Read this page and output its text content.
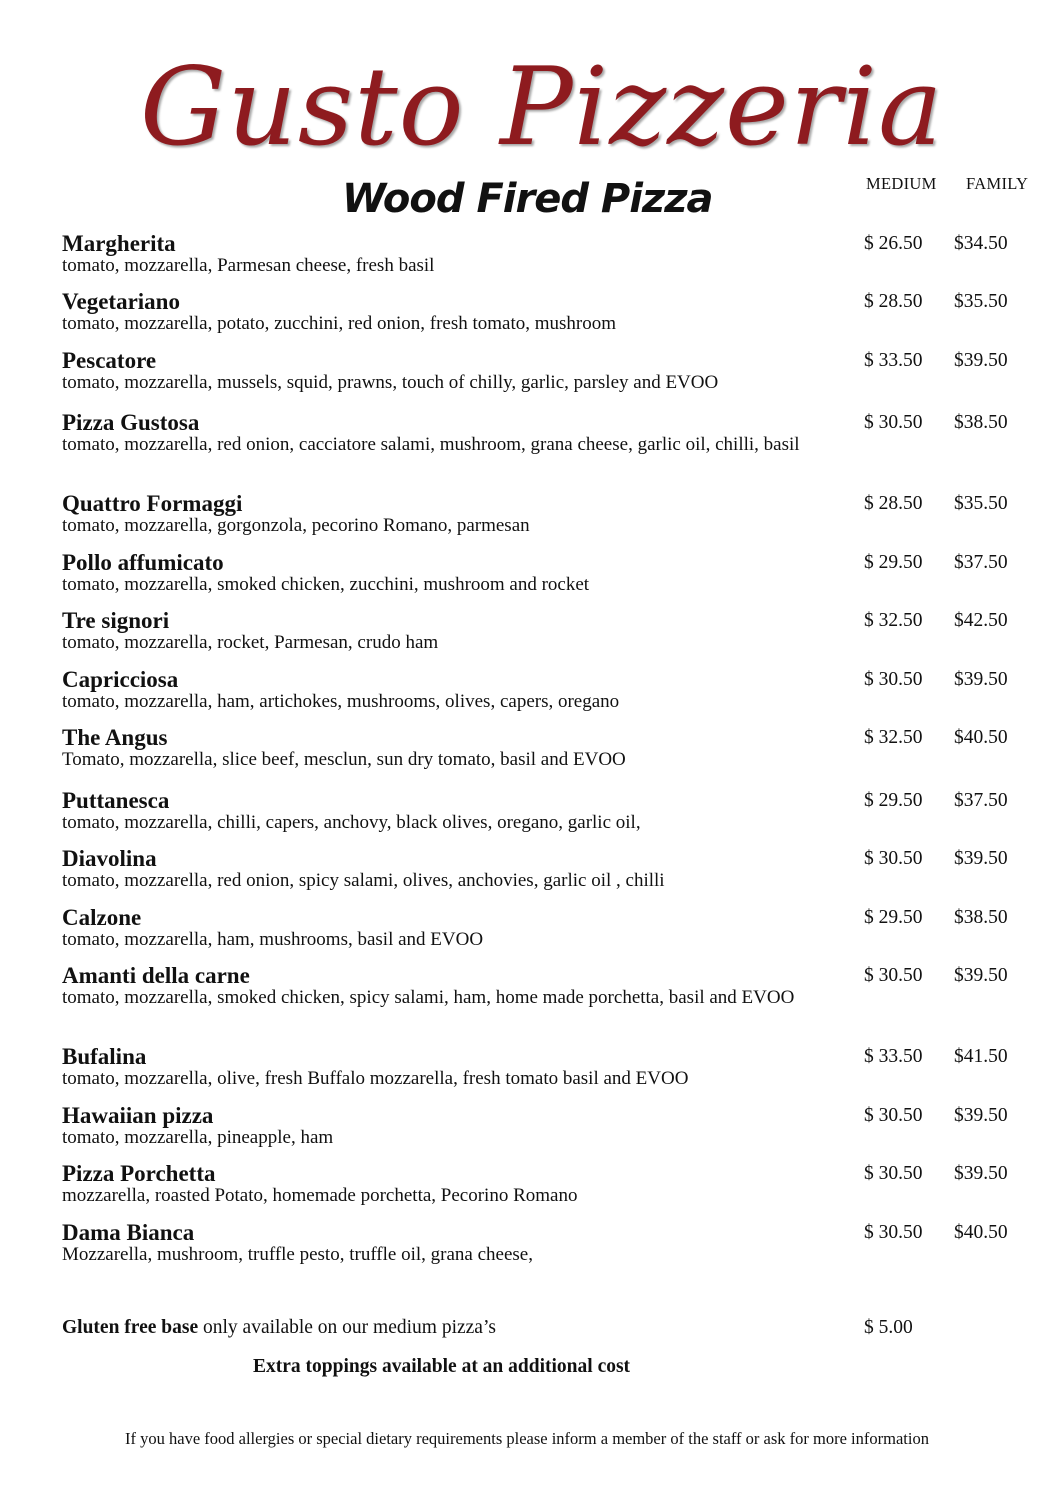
Gusto Pizzeria
Wood Fired Pizza	MEDIUM FAMILY
Margherita
tomato, mozzarella, Parmesan cheese, fresh basil
$ 26.50 $34.50
Vegetariano
tomato, mozzarella, potato, zucchini, red onion, fresh tomato, mushroom
$ 28.50 $35.50
Pescatore
tomato, mozzarella, mussels, squid, prawns, touch of chilly, garlic, parsley and EVOO
$ 33.50 $39.50
Pizza Gustosa
tomato, mozzarella, red onion, cacciatore salami, mushroom, grana cheese, garlic oil, chilli, basil
$ 30.50 $38.50
Quattro Formaggi
tomato, mozzarella, gorgonzola, pecorino Romano, parmesan
$ 28.50 $35.50
Pollo affumicato
tomato, mozzarella, smoked chicken, zucchini, mushroom and rocket
$ 29.50 $37.50
Tre signori
tomato, mozzarella, rocket, Parmesan, crudo ham
$ 32.50 $42.50
Capricciosa
tomato, mozzarella, ham, artichokes, mushrooms, olives, capers, oregano
$ 30.50 $39.50
The Angus
Tomato, mozzarella, slice beef, mesclun, sun dry tomato, basil and EVOO
$ 32.50 $40.50
Puttanesca
tomato, mozzarella, chilli, capers, anchovy, black olives, oregano, garlic oil,
$ 29.50 $37.50
Diavolina
tomato, mozzarella, red onion, spicy salami, olives, anchovies, garlic oil , chilli
$ 30.50 $39.50
Calzone
tomato, mozzarella, ham, mushrooms, basil and EVOO
$ 29.50 $38.50
Amanti della carne
tomato, mozzarella, smoked chicken, spicy salami, ham, home made porchetta, basil and EVOO
$ 30.50 $39.50
Bufalina
tomato, mozzarella, olive, fresh Buffalo mozzarella, fresh tomato basil and EVOO
$ 33.50 $41.50
Hawaiian pizza
tomato, mozzarella, pineapple, ham
$ 30.50 $39.50
Pizza Porchetta
mozzarella, roasted Potato, homemade porchetta, Pecorino Romano
$ 30.50 $39.50
Dama Bianca
Mozzarella, mushroom, truffle pesto, truffle oil, grana cheese,
$ 30.50 $40.50
Gluten free base only available on our medium pizza’s	$ 5.00
Extra toppings available at an additional cost
If you have food allergies or special dietary requirements please inform a member of the staff or ask for more information
